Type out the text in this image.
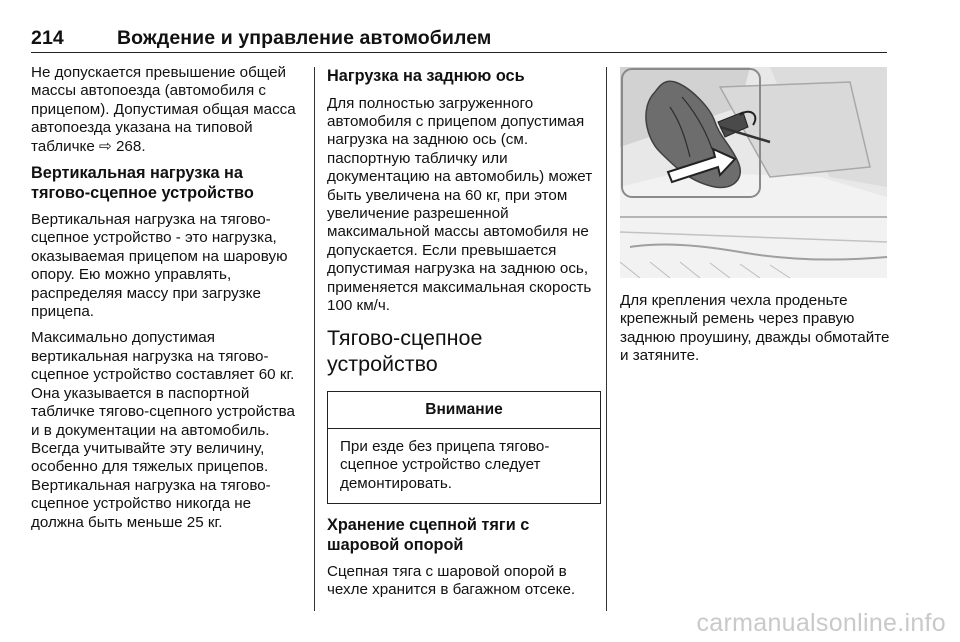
214	Вождение и управление автомобилем

Не допускается превышение общей массы автопоезда (автомобиля с прицепом). Допустимая общая масса автопоезда указана на типовой табличке ⇨ 268.

Вертикальная нагрузка на тягово-сцепное устройство

Вертикальная нагрузка на тягово-сцепное устройство - это нагрузка, оказываемая прицепом на шаровую опору. Ею можно управлять, распределяя массу при загрузке прицепа.

Максимально допустимая вертикальная нагрузка на тягово-сцепное устройство составляет 60 кг. Она указывается в паспортной табличке тягово-сцепного устройства и в документации на автомобиль. Всегда учитывайте эту величину, особенно для тяжелых прицепов. Вертикальная нагрузка на тягово-сцепное устройство никогда не должна быть меньше 25 кг.

Нагрузка на заднюю ось

Для полностью загруженного автомобиля с прицепом допустимая нагрузка на заднюю ось (см. паспортную табличку или документацию на автомобиль) может быть увеличена на 60 кг, при этом увеличение разрешенной максимальной массы автомобиля не допускается. Если превышается допустимая нагрузка на заднюю ось, применяется максимальная скорость 100 км/ч.

Тягово-сцепное устройство
Внимание
При езде без прицепа тягово-сцепное устройство следует демонтировать.
Хранение сцепной тяги с шаровой опорой

Сцепная тяга с шаровой опорой в чехле хранится в багажном отсеке.

Для крепления чехла проденьте крепежный ремень через правую заднюю проушину, дважды обмотайте и затяните.

carmanualsonline.info
